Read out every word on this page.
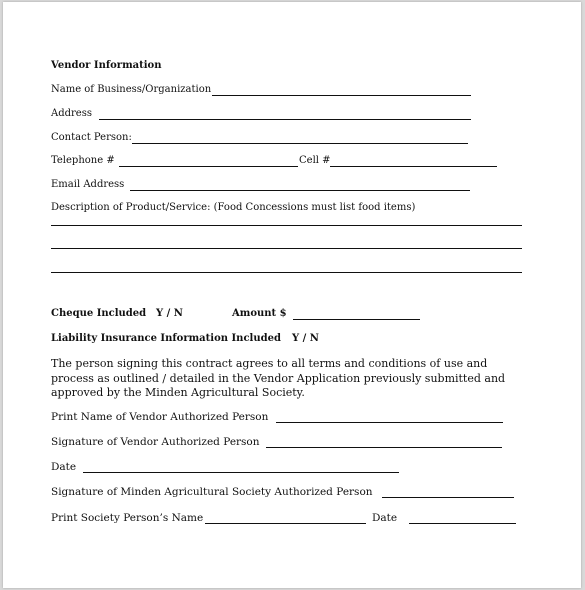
Vendor Information
Name of Business/Organization
Address
Contact Person:
Telephone #	Cell #
Email Address
Description of Product/Service: (Food Concessions must list food items)
Cheque Included Y / N	Amount $
Liability Insurance Information Included Y / N
The person signing this contract agrees to all terms and conditions of use and process as outlined / detailed in the Vendor Application previously submitted and approved by the Minden Agricultural Society.
Print Name of Vendor Authorized Person
Signature of Vendor Authorized Person
Date
Signature of Minden Agricultural Society Authorized Person
Print Society Person’s Name	Date
